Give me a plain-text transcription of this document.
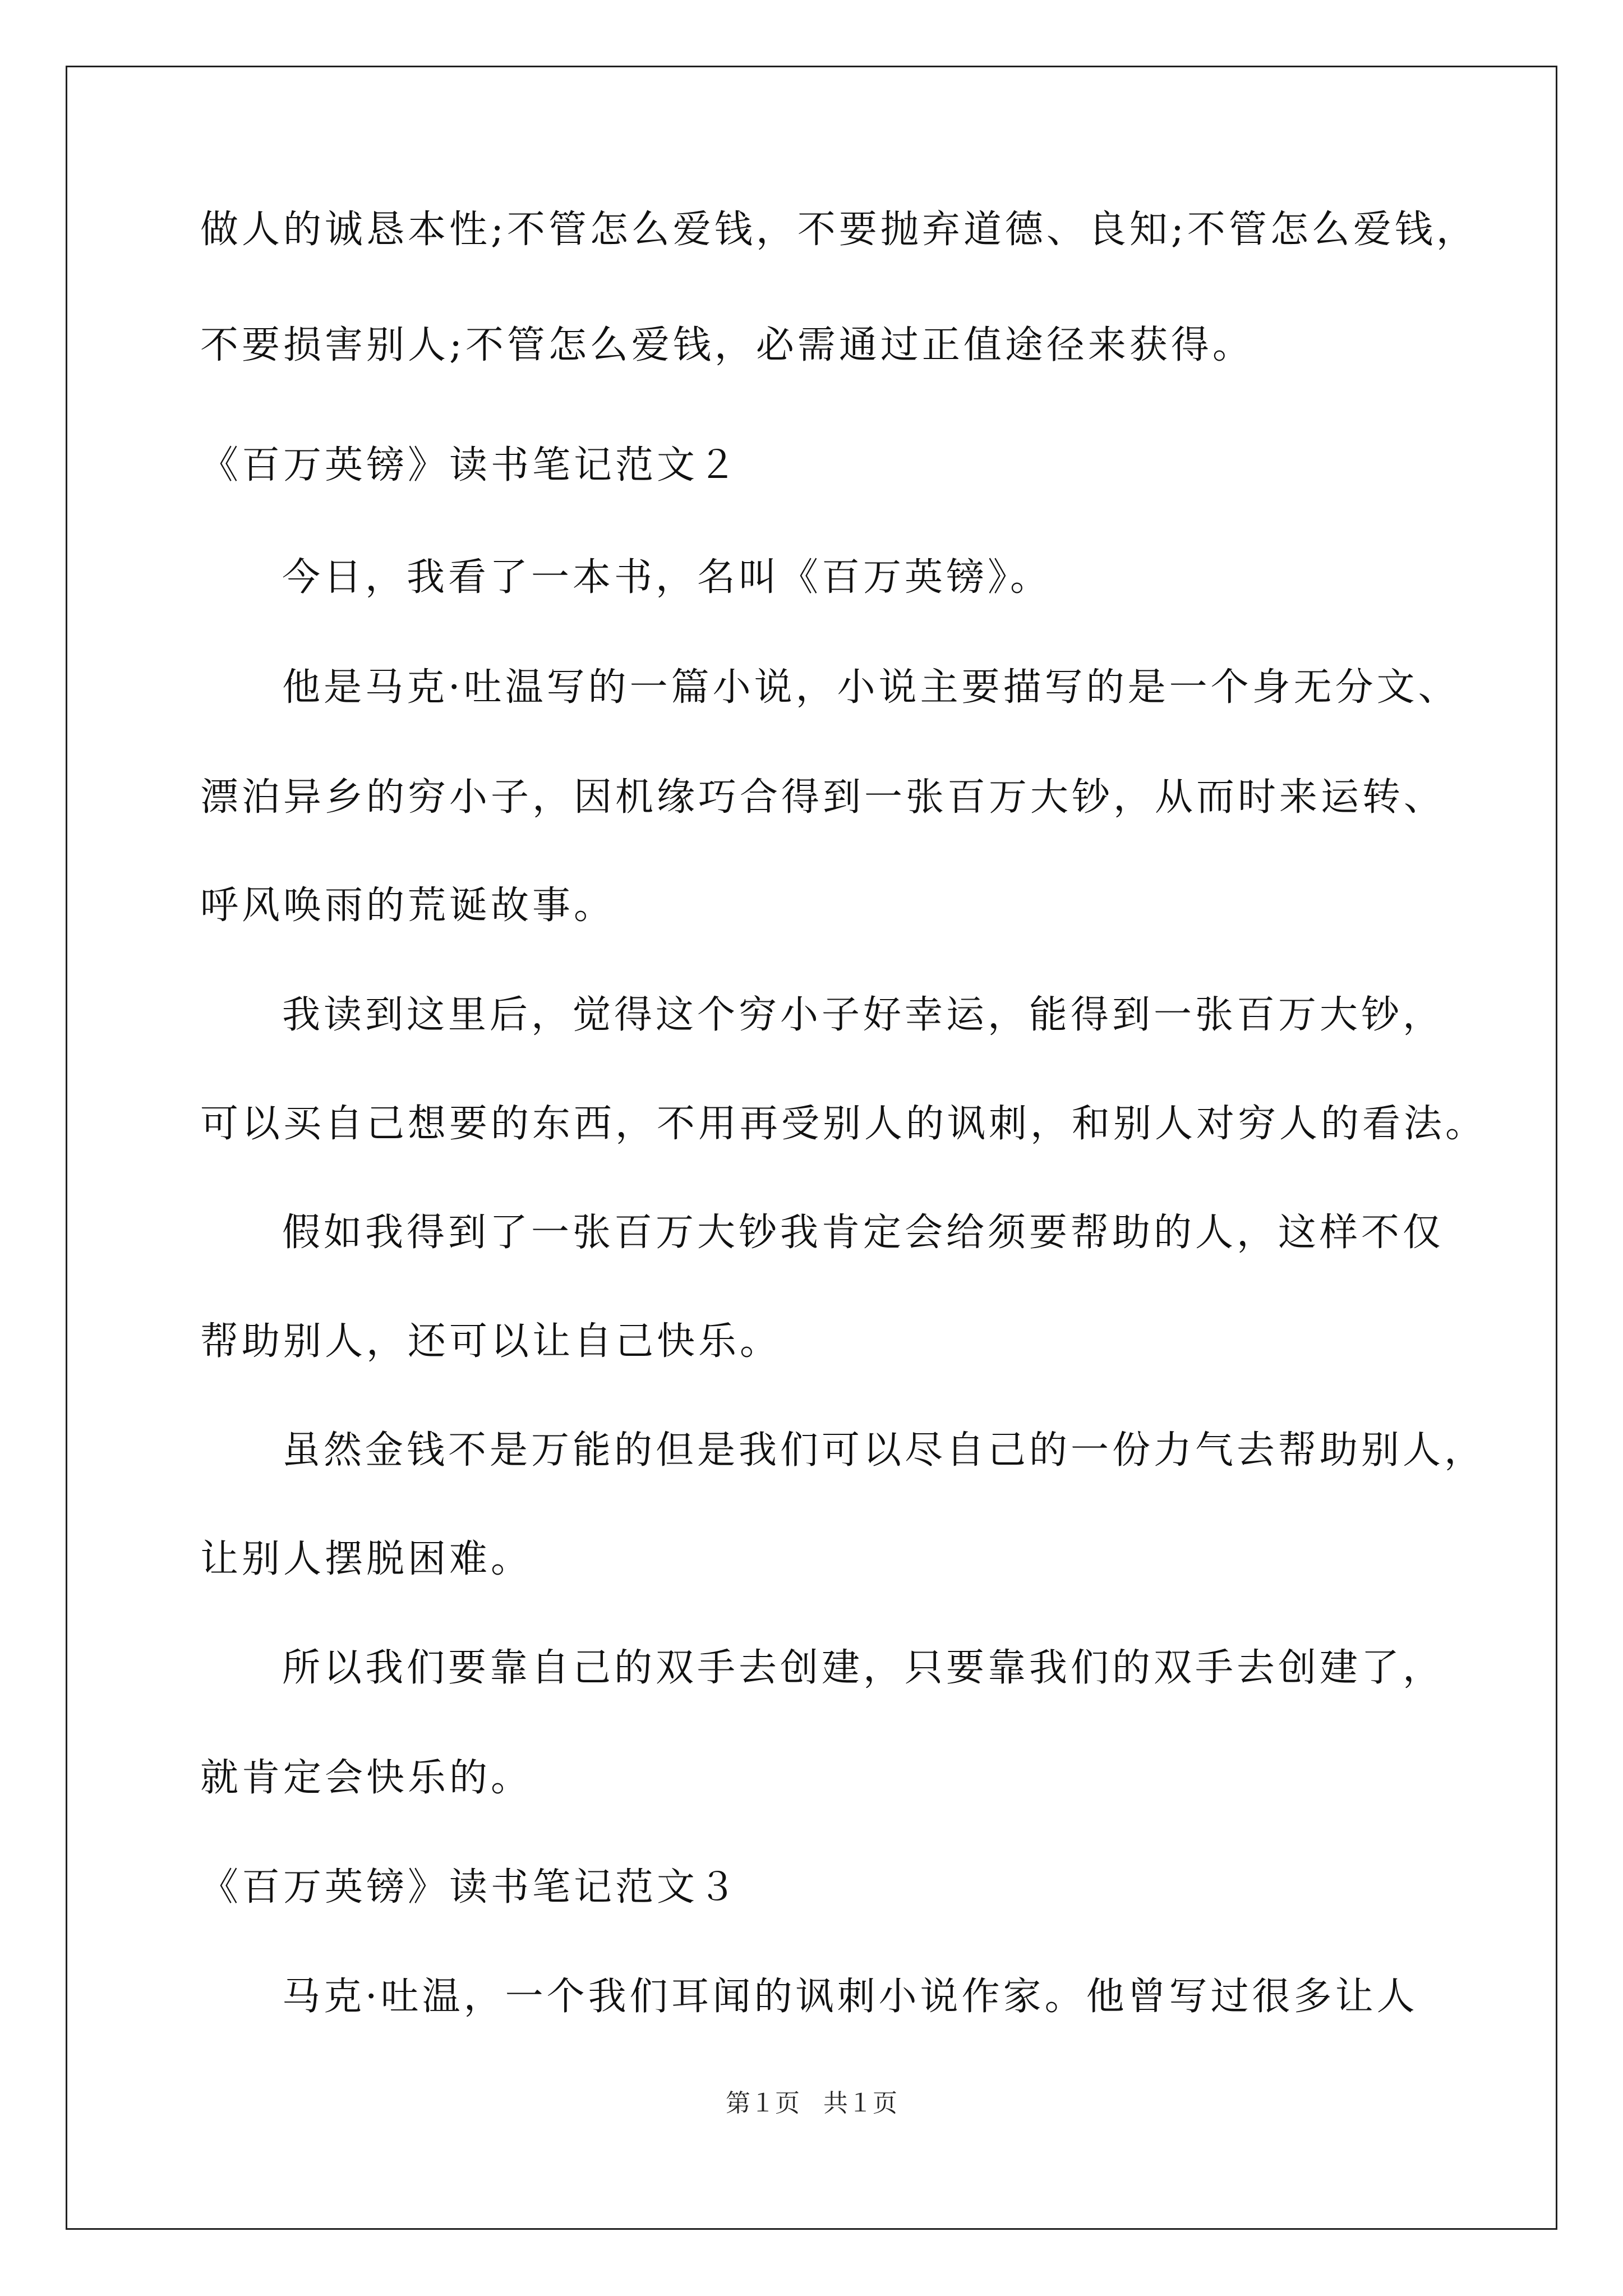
做人的诚恳本性;不管怎么爱钱，不要抛弃道德、良知;不管怎么爱钱，
不要损害别人;不管怎么爱钱，必需通过正值途径来获得。
《百万英镑》读书笔记范文２
今日，我看了一本书，名叫《百万英镑》。
他是马克·吐温写的一篇小说，小说主要描写的是一个身无分文、
漂泊异乡的穷小子，因机缘巧合得到一张百万大钞，从而时来运转、
呼风唤雨的荒诞故事。
我读到这里后，觉得这个穷小子好幸运，能得到一张百万大钞，
可以买自己想要的东西，不用再受别人的讽刺，和别人对穷人的看法。
假如我得到了一张百万大钞我肯定会给须要帮助的人，这样不仅
帮助别人，还可以让自己快乐。
虽然金钱不是万能的但是我们可以尽自己的一份力气去帮助别人，
让别人摆脱困难。
所以我们要靠自己的双手去创建，只要靠我们的双手去创建了，
就肯定会快乐的。
《百万英镑》读书笔记范文３
马克·吐温，一个我们耳闻的讽刺小说作家。他曾写过很多让人
第１页 共１页
